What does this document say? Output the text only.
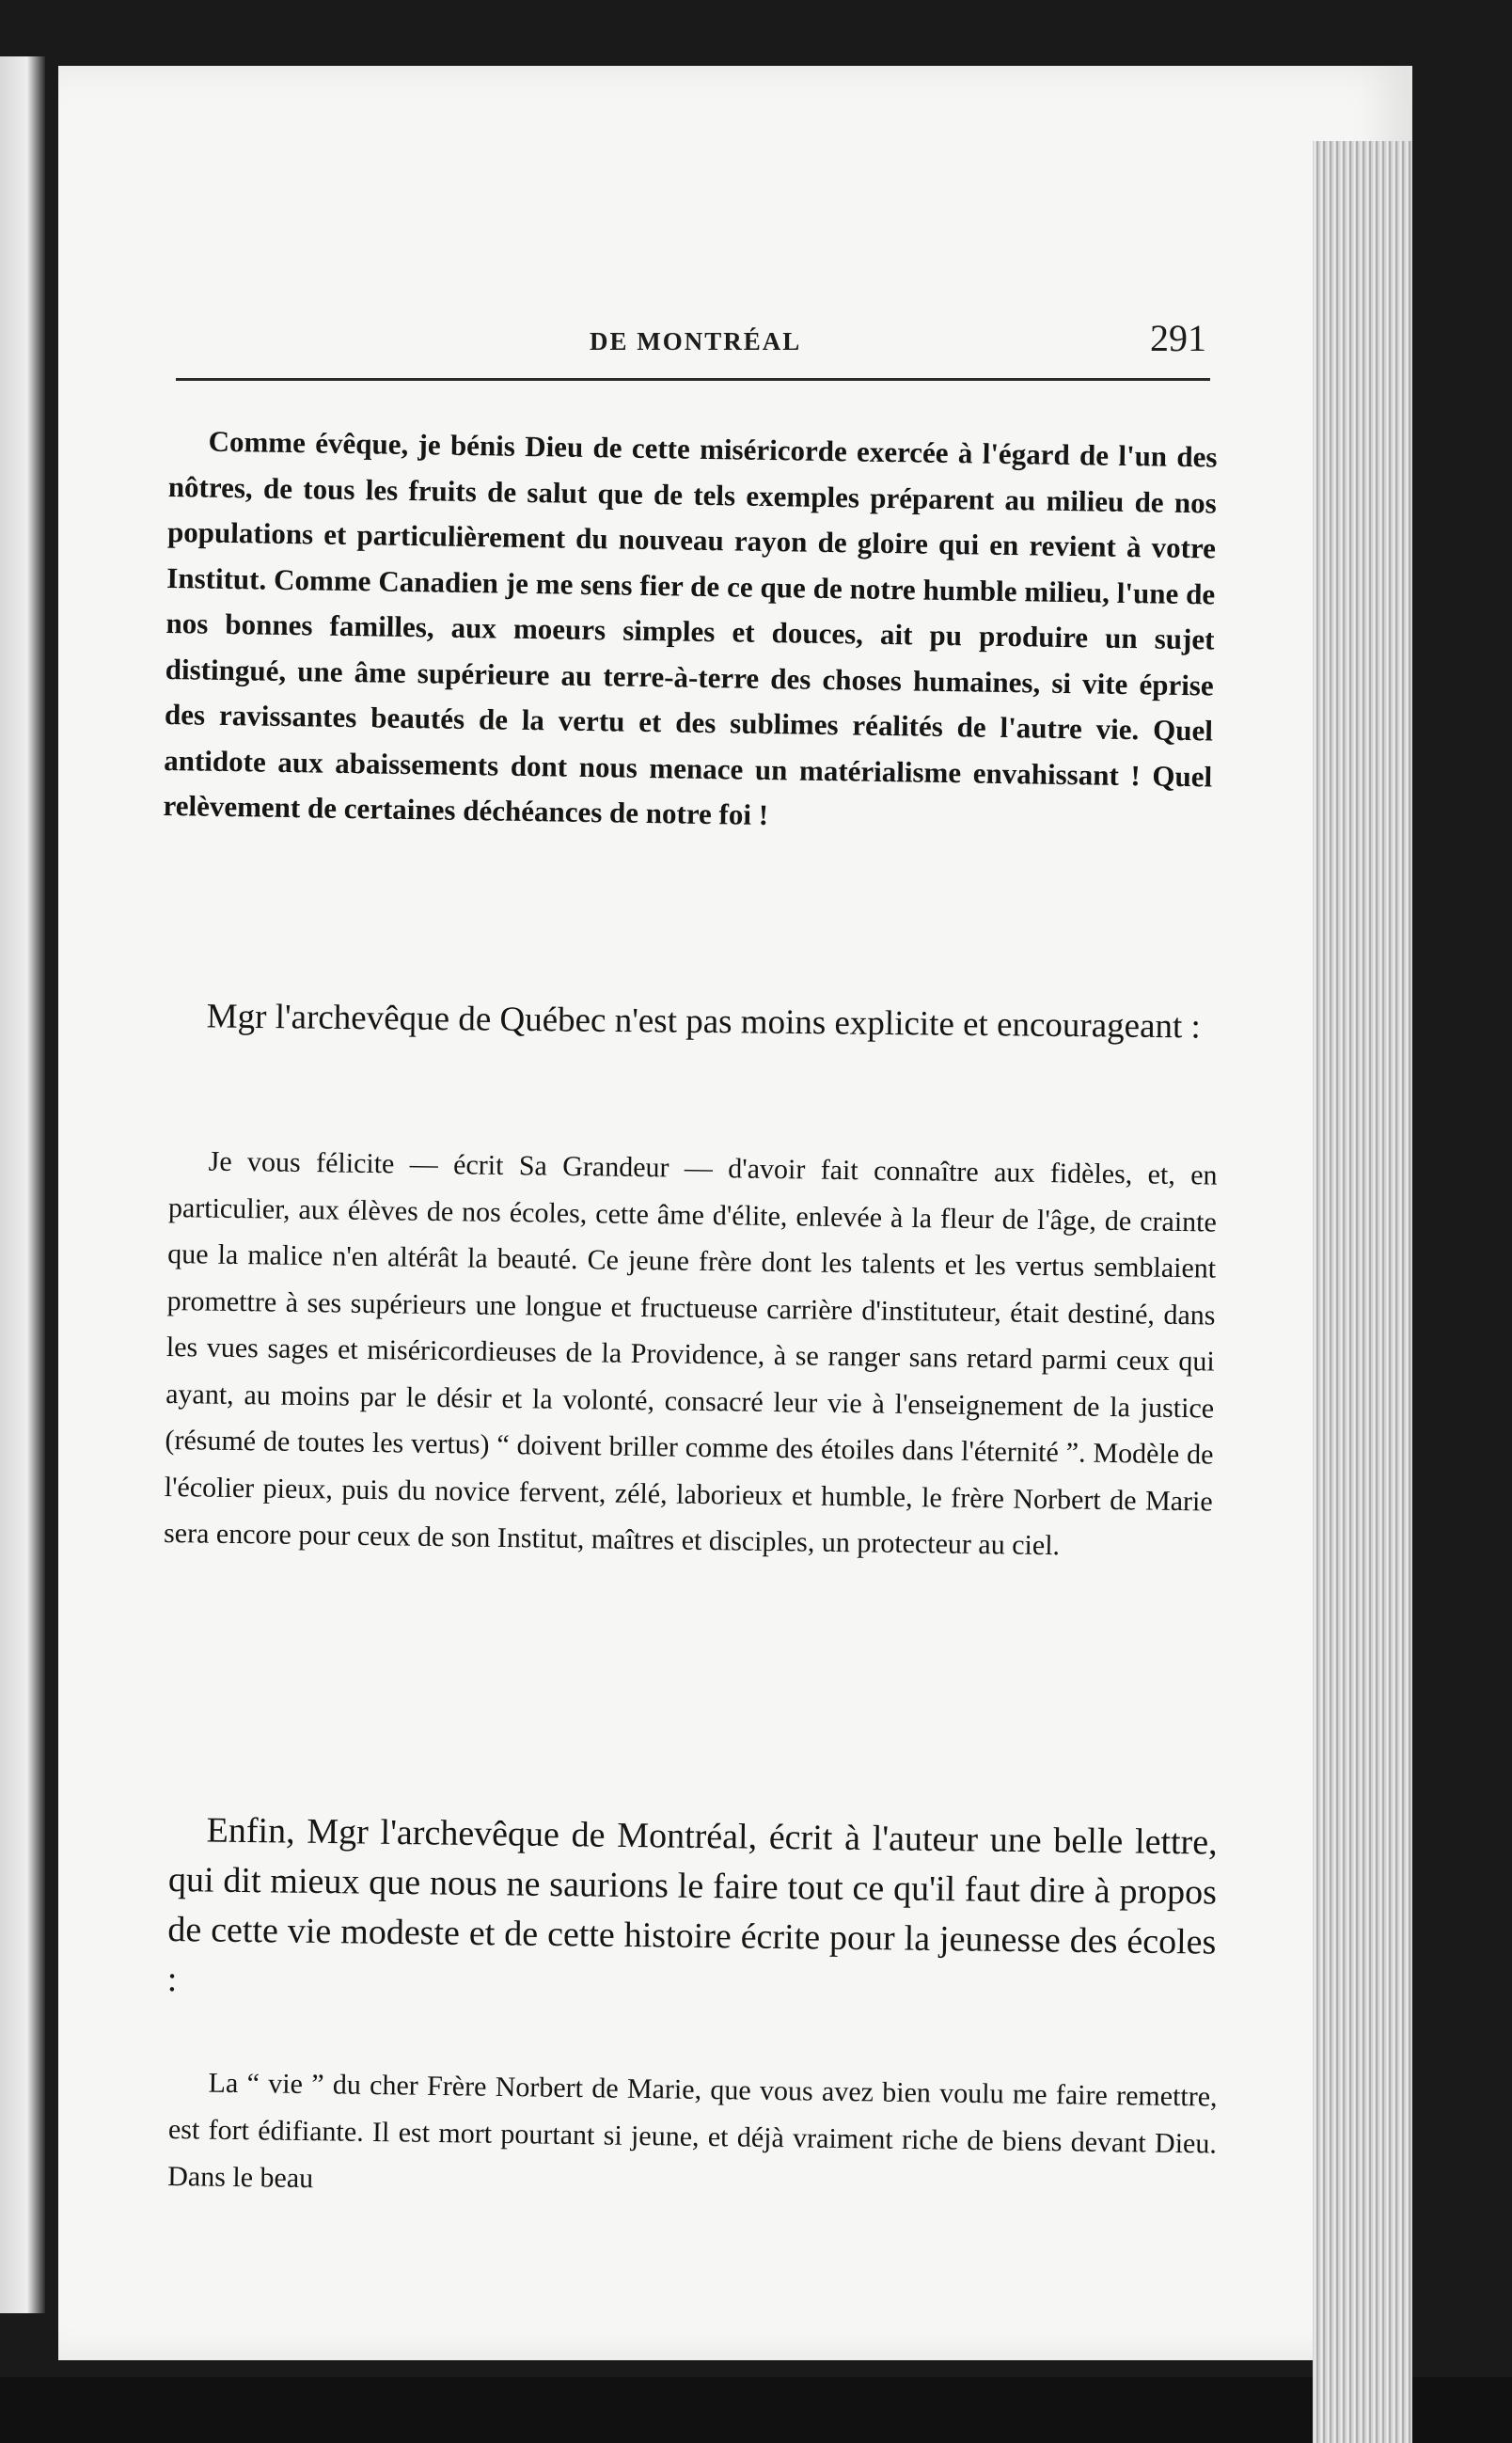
DE MONTRÉAL	291

Comme évêque, je bénis Dieu de cette miséricorde exercée à l'égard de l'un des nôtres, de tous les fruits de salut que de tels exemples préparent au milieu de nos populations et particulièrement du nouveau rayon de gloire qui en revient à votre Institut. Comme Canadien je me sens fier de ce que de notre humble milieu, l'une de nos bonnes familles, aux moeurs simples et douces, ait pu produire un sujet distingué, une âme supérieure au terre-à-terre des choses humaines, si vite éprise des ravissantes beautés de la vertu et des sublimes réalités de l'autre vie. Quel antidote aux abaissements dont nous menace un matérialisme envahissant ! Quel relèvement de certaines déchéances de notre foi !

Mgr l'archevêque de Québec n'est pas moins explicite et encourageant :

Je vous félicite — écrit Sa Grandeur — d'avoir fait connaître aux fidèles, et, en particulier, aux élèves de nos écoles, cette âme d'élite, enlevée à la fleur de l'âge, de crainte que la malice n'en altérât la beauté. Ce jeune frère dont les talents et les vertus semblaient promettre à ses supérieurs une longue et fructueuse carrière d'instituteur, était destiné, dans les vues sages et miséricordieuses de la Providence, à se ranger sans retard parmi ceux qui ayant, au moins par le désir et la volonté, consacré leur vie à l'enseignement de la justice (résumé de toutes les vertus) “ doivent briller comme des étoiles dans l'éternité ”. Modèle de l'écolier pieux, puis du novice fervent, zélé, laborieux et humble, le frère Norbert de Marie sera encore pour ceux de son Institut, maîtres et disciples, un protecteur au ciel.

Enfin, Mgr l'archevêque de Montréal, écrit à l'auteur une belle lettre, qui dit mieux que nous ne saurions le faire tout ce qu'il faut dire à propos de cette vie modeste et de cette histoire écrite pour la jeunesse des écoles :

La “ vie ” du cher Frère Norbert de Marie, que vous avez bien voulu me faire remettre, est fort édifiante. Il est mort pourtant si jeune, et déjà vraiment riche de biens devant Dieu. Dans le beau
